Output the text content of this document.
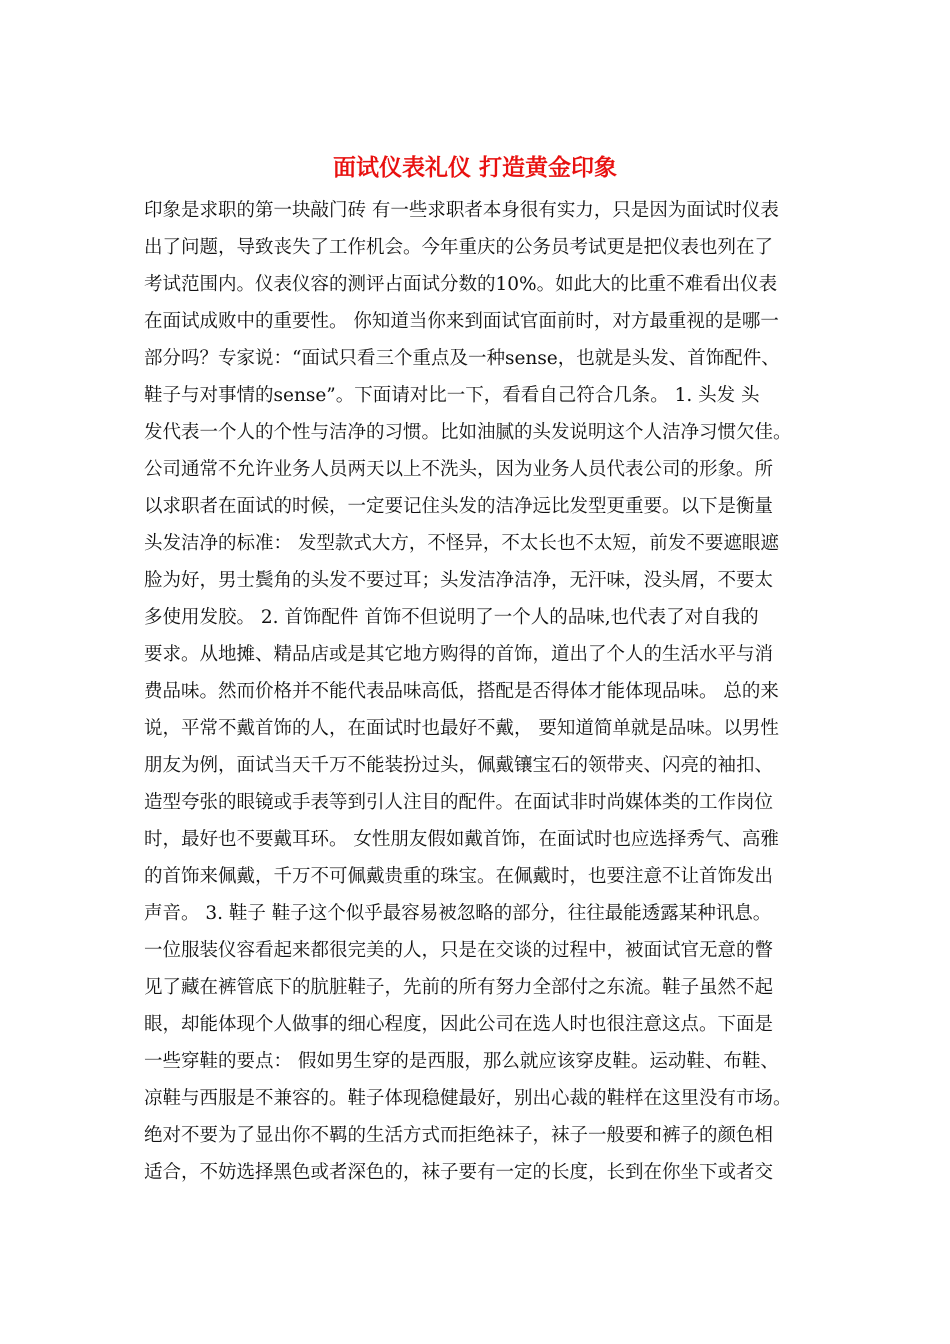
面试仪表礼仪 打造黄金印象
印象是求职的第一块敲门砖 有一些求职者本身很有实力，只是因为面试时仪表
出了问题，导致丧失了工作机会。今年重庆的公务员考试更是把仪表也列在了
考试范围内。仪表仪容的测评占面试分数的10%。如此大的比重不难看出仪表
在面试成败中的重要性。 你知道当你来到面试官面前时，对方最重视的是哪一
部分吗？专家说：“面试只看三个重点及一种sense，也就是头发、首饰配件、
鞋子与对事情的sense”。下面请对比一下，看看自己符合几条。 1. 头发 头
发代表一个人的个性与洁净的习惯。比如油腻的头发说明这个人洁净习惯欠佳。
公司通常不允许业务人员两天以上不洗头，因为业务人员代表公司的形象。所
以求职者在面试的时候，一定要记住头发的洁净远比发型更重要。以下是衡量
头发洁净的标准： 发型款式大方，不怪异，不太长也不太短，前发不要遮眼遮
脸为好，男士鬓角的头发不要过耳；头发洁净洁净，无汗味，没头屑，不要太
多使用发胶。 2. 首饰配件 首饰不但说明了一个人的品味,也代表了对自我的
要求。从地摊、精品店或是其它地方购得的首饰，道出了个人的生活水平与消
费品味。然而价格并不能代表品味高低，搭配是否得体才能体现品味。 总的来
说，平常不戴首饰的人，在面试时也最好不戴， 要知道简单就是品味。以男性
朋友为例，面试当天千万不能装扮过头，佩戴镶宝石的领带夹、闪亮的袖扣、
造型夸张的眼镜或手表等到引人注目的配件。在面试非时尚媒体类的工作岗位
时，最好也不要戴耳环。 女性朋友假如戴首饰，在面试时也应选择秀气、高雅
的首饰来佩戴，千万不可佩戴贵重的珠宝。在佩戴时，也要注意不让首饰发出
声音。 3. 鞋子 鞋子这个似乎最容易被忽略的部分，往往最能透露某种讯息。
一位服装仪容看起来都很完美的人，只是在交谈的过程中，被面试官无意的瞥
见了藏在裤管底下的肮脏鞋子，先前的所有努力全部付之东流。鞋子虽然不起
眼，却能体现个人做事的细心程度，因此公司在选人时也很注意这点。下面是
一些穿鞋的要点： 假如男生穿的是西服，那么就应该穿皮鞋。运动鞋、布鞋、
凉鞋与西服是不兼容的。鞋子体现稳健最好，别出心裁的鞋样在这里没有市场。
绝对不要为了显出你不羁的生活方式而拒绝袜子，袜子一般要和裤子的颜色相
适合，不妨选择黑色或者深色的，袜子要有一定的长度，长到在你坐下或者交
